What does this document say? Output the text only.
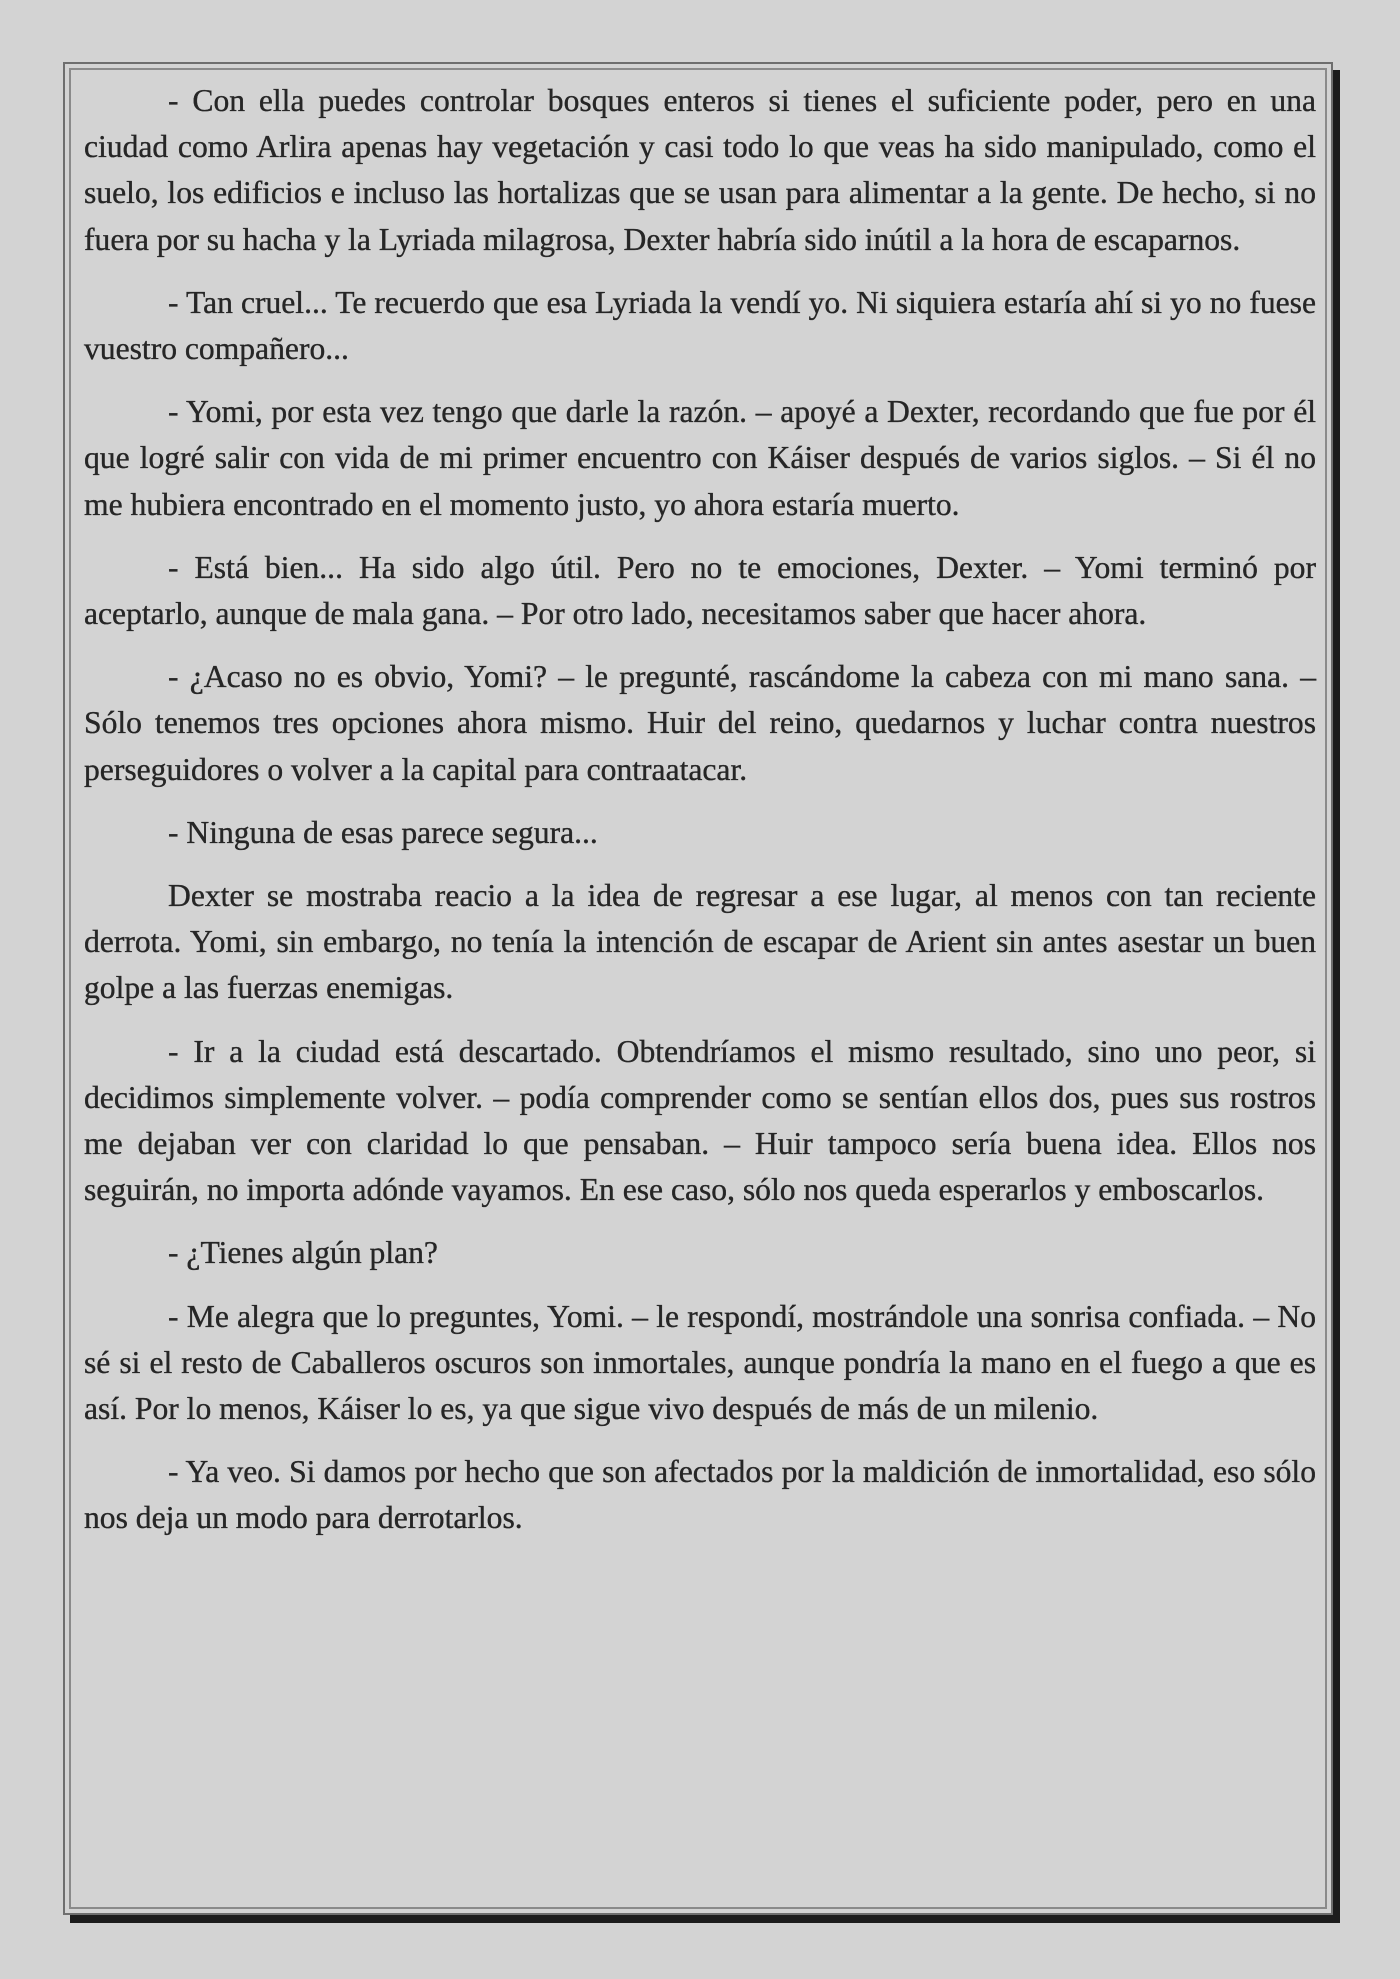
- Con ella puedes controlar bosques enteros si tienes el suficiente poder, pero en una ciudad como Arlira apenas hay vegetación y casi todo lo que veas ha sido manipulado, como el suelo, los edificios e incluso las hortalizas que se usan para alimentar a la gente. De hecho, si no fuera por su hacha y la Lyriada milagrosa, Dexter habría sido inútil a la hora de escaparnos.

- Tan cruel... Te recuerdo que esa Lyriada la vendí yo. Ni siquiera estaría ahí si yo no fuese vuestro compañero...

- Yomi, por esta vez tengo que darle la razón. – apoyé a Dexter, recordando que fue por él que logré salir con vida de mi primer encuentro con Káiser después de varios siglos. – Si él no me hubiera encontrado en el momento justo, yo ahora estaría muerto.

- Está bien... Ha sido algo útil. Pero no te emociones, Dexter. – Yomi terminó por aceptarlo, aunque de mala gana. – Por otro lado, necesitamos saber que hacer ahora.

- ¿Acaso no es obvio, Yomi? – le pregunté, rascándome la cabeza con mi mano sana. – Sólo tenemos tres opciones ahora mismo. Huir del reino, quedarnos y luchar contra nuestros perseguidores o volver a la capital para contraatacar.

- Ninguna de esas parece segura...

Dexter se mostraba reacio a la idea de regresar a ese lugar, al menos con tan reciente derrota. Yomi, sin embargo, no tenía la intención de escapar de Arient sin antes asestar un buen golpe a las fuerzas enemigas.

- Ir a la ciudad está descartado. Obtendríamos el mismo resultado, sino uno peor, si decidimos simplemente volver. – podía comprender como se sentían ellos dos, pues sus rostros me dejaban ver con claridad lo que pensaban. – Huir tampoco sería buena idea. Ellos nos seguirán, no importa adónde vayamos. En ese caso, sólo nos queda esperarlos y emboscarlos.

- ¿Tienes algún plan?

- Me alegra que lo preguntes, Yomi. – le respondí, mostrándole una sonrisa confiada. – No sé si el resto de Caballeros oscuros son inmortales, aunque pondría la mano en el fuego a que es así. Por lo menos, Káiser lo es, ya que sigue vivo después de más de un milenio.

- Ya veo. Si damos por hecho que son afectados por la maldición de inmortalidad, eso sólo nos deja un modo para derrotarlos.
